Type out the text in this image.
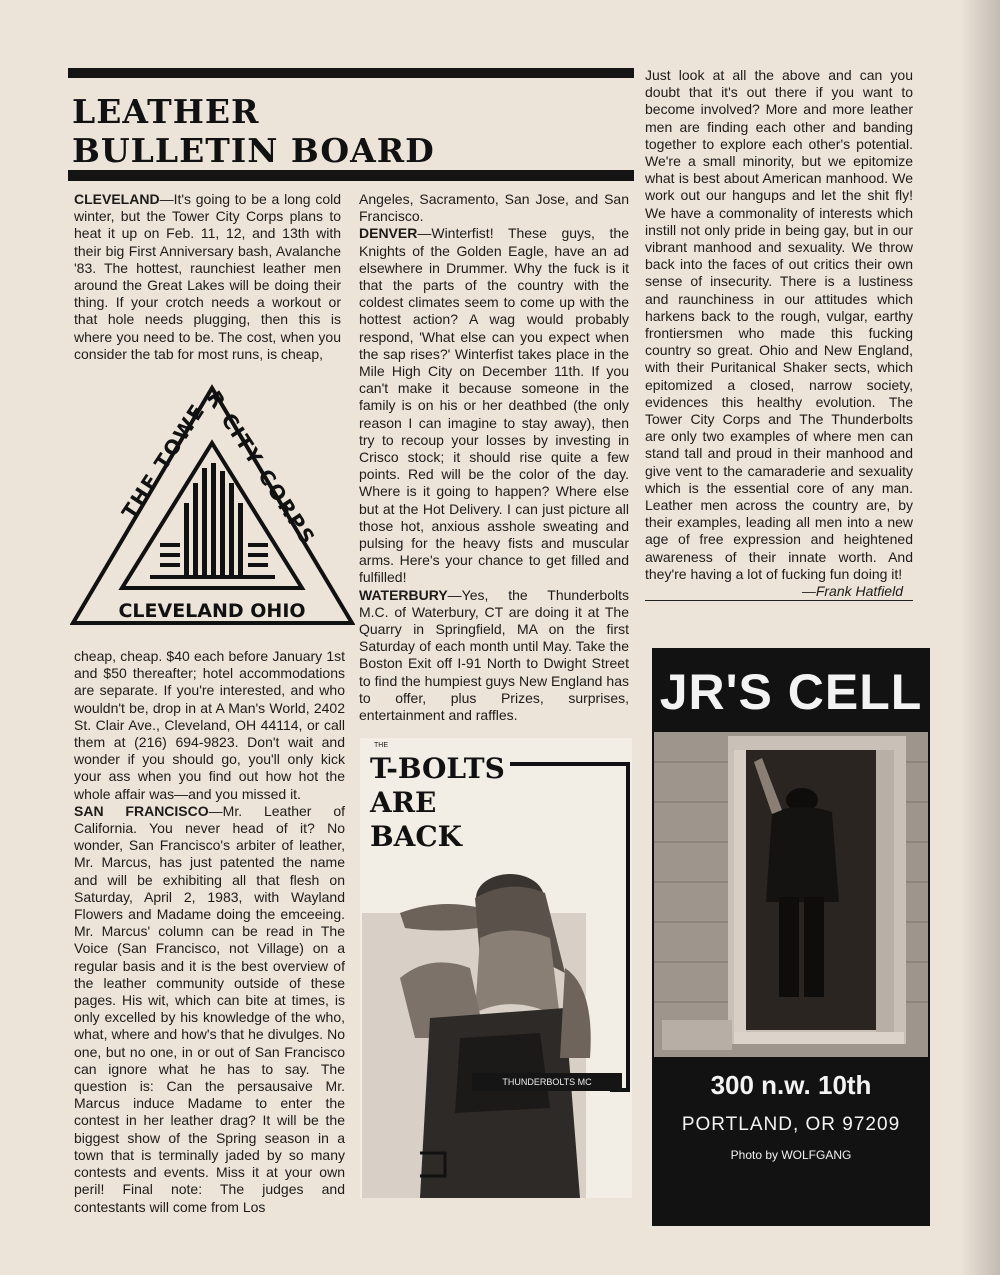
LEATHER
BULLETIN BOARD

CLEVELAND—It's going to be a long cold winter, but the Tower City Corps plans to heat it up on Feb. 11, 12, and 13th with their big First Anniversary bash, Avalanche '83. The hottest, raunchiest leather men around the Great Lakes will be doing their thing. If your crotch needs a workout or that hole needs plugging, then this is where you need to be. The cost, when you consider the tab for most runs, is cheap,

THE TOWER CITY CORPS
CLEVELAND OHIO

cheap, cheap. $40 each before January 1st and $50 thereafter; hotel accommodations are separate. If you're interested, and who wouldn't be, drop in at A Man's World, 2402 St. Clair Ave., Cleveland, OH 44114, or call them at (216) 694-9823. Don't wait and wonder if you should go, you'll only kick your ass when you find out how hot the whole affair was—and you missed it.

SAN FRANCISCO—Mr. Leather of California. You never head of it? No wonder, San Francisco's arbiter of leather, Mr. Marcus, has just patented the name and will be exhibiting all that flesh on Saturday, April 2, 1983, with Wayland Flowers and Madame doing the emceeing. Mr. Marcus' column can be read in The Voice (San Francisco, not Village) on a regular basis and it is the best overview of the leather community outside of these pages. His wit, which can bite at times, is only excelled by his knowledge of the who, what, where and how's that he divulges. No one, but no one, in or out of San Francisco can ignore what he has to say. The question is: Can the persausaive Mr. Marcus induce Madame to enter the contest in her leather drag? It will be the biggest show of the Spring season in a town that is terminally jaded by so many contests and events. Miss it at your own peril! Final note: The judges and contestants will come from Los

Angeles, Sacramento, San Jose, and San Francisco.

DENVER—Winterfist! These guys, the Knights of the Golden Eagle, have an ad elsewhere in Drummer. Why the fuck is it that the parts of the country with the coldest climates seem to come up with the hottest action? A wag would probably respond, 'What else can you expect when the sap rises?' Winterfist takes place in the Mile High City on December 11th. If you can't make it because someone in the family is on his or her deathbed (the only reason I can imagine to stay away), then try to recoup your losses by investing in Crisco stock; it should rise quite a few points. Red will be the color of the day. Where is it going to happen? Where else but at the Hot Delivery. I can just picture all those hot, anxious asshole sweating and pulsing for the heavy fists and muscular arms. Here's your chance to get filled and fulfilled!

WATERBURY—Yes, the Thunderbolts M.C. of Waterbury, CT are doing it at The Quarry in Springfield, MA on the first Saturday of each month until May. Take the Boston Exit off I-91 North to Dwight Street to find the humpiest guys New England has to offer, plus Prizes, surprises, entertainment and raffles.

THE
T-BOLTS
ARE
BACK
THUNDERBOLTS MC

Just look at all the above and can you doubt that it's out there if you want to become involved? More and more leather men are finding each other and banding together to explore each other's potential. We're a small minority, but we epitomize what is best about American manhood. We work out our hangups and let the shit fly! We have a commonality of interests which instill not only pride in being gay, but in our vibrant manhood and sexuality. We throw back into the faces of out critics their own sense of insecurity. There is a lustiness and raunchiness in our attitudes which harkens back to the rough, vulgar, earthy frontiersmen who made this fucking country so great. Ohio and New England, with their Puritanical Shaker sects, which epitomized a closed, narrow society, evidences this healthy evolution. The Tower City Corps and The Thunderbolts are only two examples of where men can stand tall and proud in their manhood and give vent to the camaraderie and sexuality which is the essential core of any man. Leather men across the country are, by their examples, leading all men into a new age of free expression and heightened awareness of their innate worth. And they're having a lot of fucking fun doing it!

—Frank Hatfield
JR'S CELL
300 n.w. 10th
PORTLAND, OR 97209
Photo by WOLFGANG
